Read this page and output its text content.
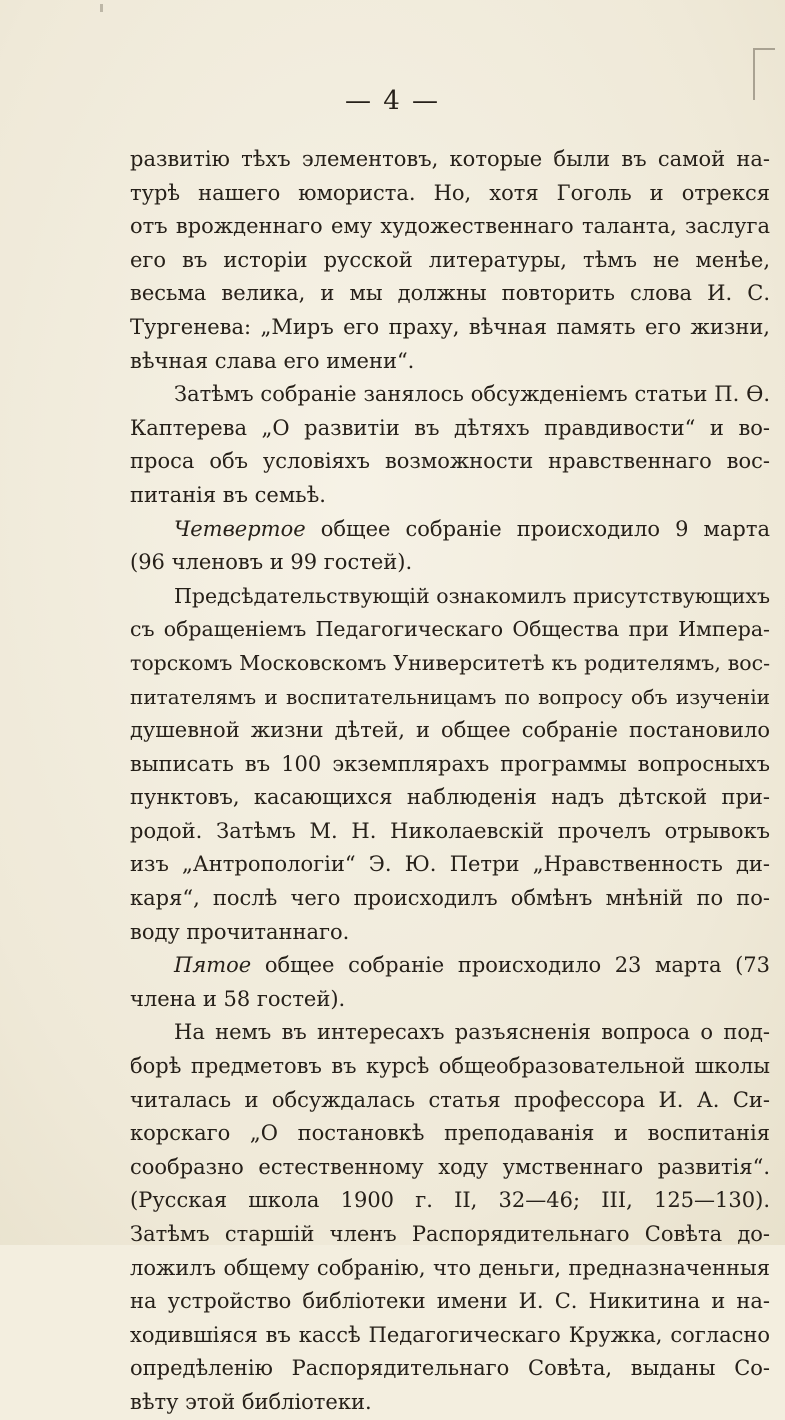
— 4 —
развитію тѣхъ элементовъ, которые были въ самой на-
турѣ нашего юмориста. Но, хотя Гоголь и отрекся
отъ врожденнаго ему художественнаго таланта, заслуга
его въ исторіи русской литературы, тѣмъ не менѣе,
весьма велика, и мы должны повторить слова И. С.
Тургенева: „Миръ его праху, вѣчная память его жизни,
вѣчная слава его имени“.
Затѣмъ собраніе занялось обсужденіемъ статьи П. Ѳ.
Каптерева „О развитіи въ дѣтяхъ правдивости“ и во-
проса объ условіяхъ возможности нравственнаго вос-
питанія въ семьѣ.
Четвертое общее собраніе происходило 9 марта
(96 членовъ и 99 гостей).
Предсѣдательствующій ознакомилъ присутствующихъ
съ обращеніемъ Педагогическаго Общества при Импера-
торскомъ Московскомъ Университетѣ къ родителямъ, вос-
питателямъ и воспитательницамъ по вопросу объ изученіи
душевной жизни дѣтей, и общее собраніе постановило
выписать въ 100 экземплярахъ программы вопросныхъ
пунктовъ, касающихся наблюденія надъ дѣтской при-
родой. Затѣмъ М. Н. Николаевскій прочелъ отрывокъ
изъ „Антропологіи“ Э. Ю. Петри „Нравственность ди-
каря“, послѣ чего происходилъ обмѣнъ мнѣній по по-
воду прочитаннаго.
Пятое общее собраніе происходило 23 марта (73
члена и 58 гостей).
На немъ въ интересахъ разъясненія вопроса о под-
борѣ предметовъ въ курсѣ общеобразовательной школы
читалась и обсуждалась статья профессора И. А. Си-
корскаго „О постановкѣ преподаванія и воспитанія
сообразно естественному ходу умственнаго развитія“.
(Русская школа 1900 г. II, 32—46; III, 125—130).
Затѣмъ старшій членъ Распорядительнаго Совѣта до-
ложилъ общему собранію, что деньги, предназначенныя
на устройство библіотеки имени И. С. Никитина и на-
ходившіяся въ кассѣ Педагогическаго Кружка, согласно
опредѣленію Распорядительнаго Совѣта, выданы Со-
вѣту этой библіотеки.
